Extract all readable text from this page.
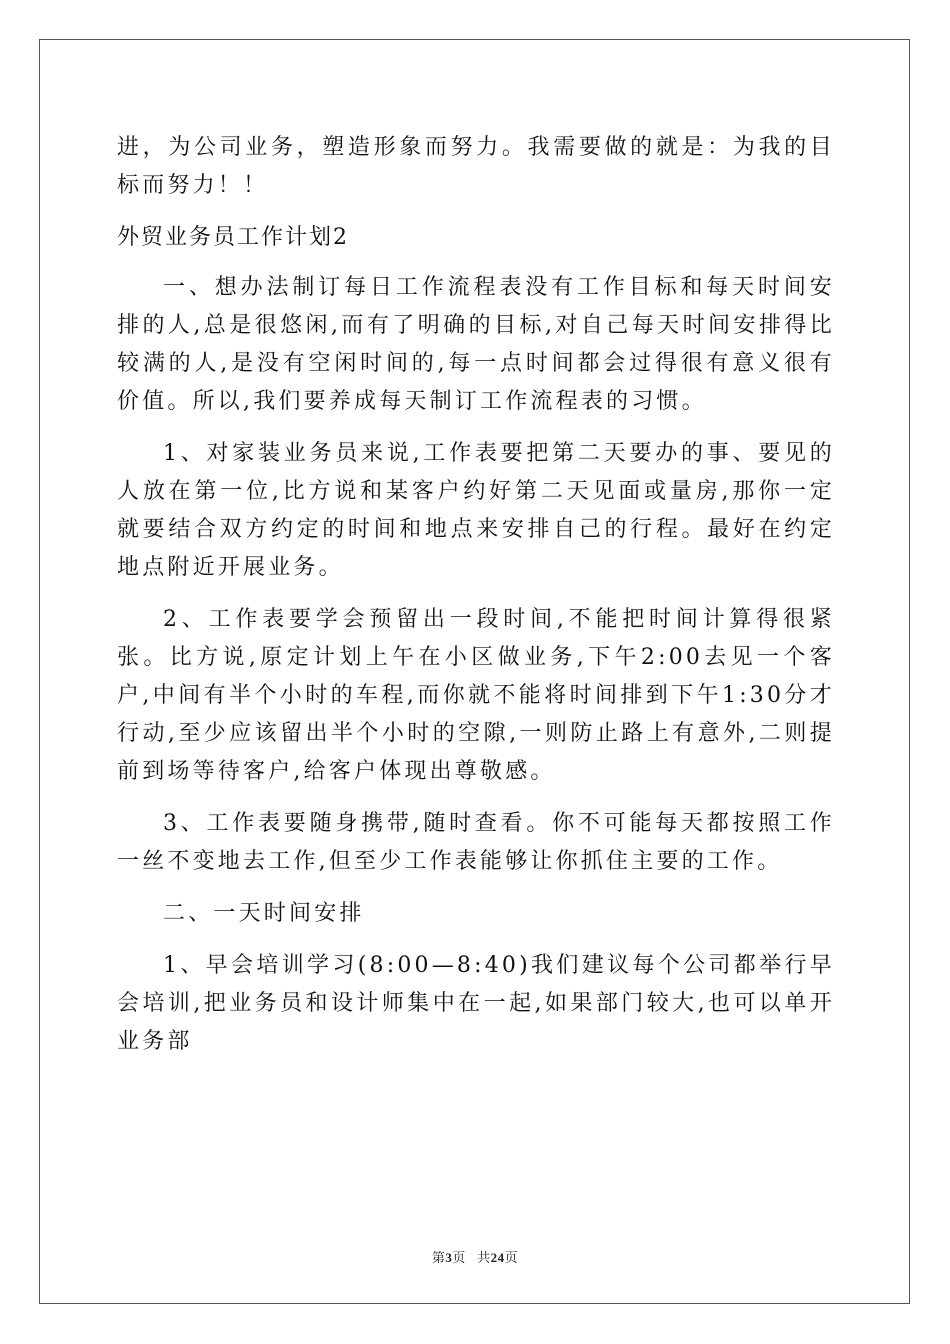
进，为公司业务，塑造形象而努力。我需要做的就是：为我的目标而努力！！

外贸业务员工作计划2

一、想办法制订每日工作流程表没有工作目标和每天时间安排的人,总是很悠闲,而有了明确的目标,对自己每天时间安排得比较满的人,是没有空闲时间的,每一点时间都会过得很有意义很有价值。所以,我们要养成每天制订工作流程表的习惯。

1、对家装业务员来说,工作表要把第二天要办的事、要见的人放在第一位,比方说和某客户约好第二天见面或量房,那你一定就要结合双方约定的时间和地点来安排自己的行程。最好在约定地点附近开展业务。

2、工作表要学会预留出一段时间,不能把时间计算得很紧张。比方说,原定计划上午在小区做业务,下午2:00去见一个客户,中间有半个小时的车程,而你就不能将时间排到下午1:30分才行动,至少应该留出半个小时的空隙,一则防止路上有意外,二则提前到场等待客户,给客户体现出尊敬感。

3、工作表要随身携带,随时查看。你不可能每天都按照工作一丝不变地去工作,但至少工作表能够让你抓住主要的工作。

二、一天时间安排

1、早会培训学习(8:00—8:40)我们建议每个公司都举行早会培训,把业务员和设计师集中在一起,如果部门较大,也可以单开业务部

第3页 共24页
